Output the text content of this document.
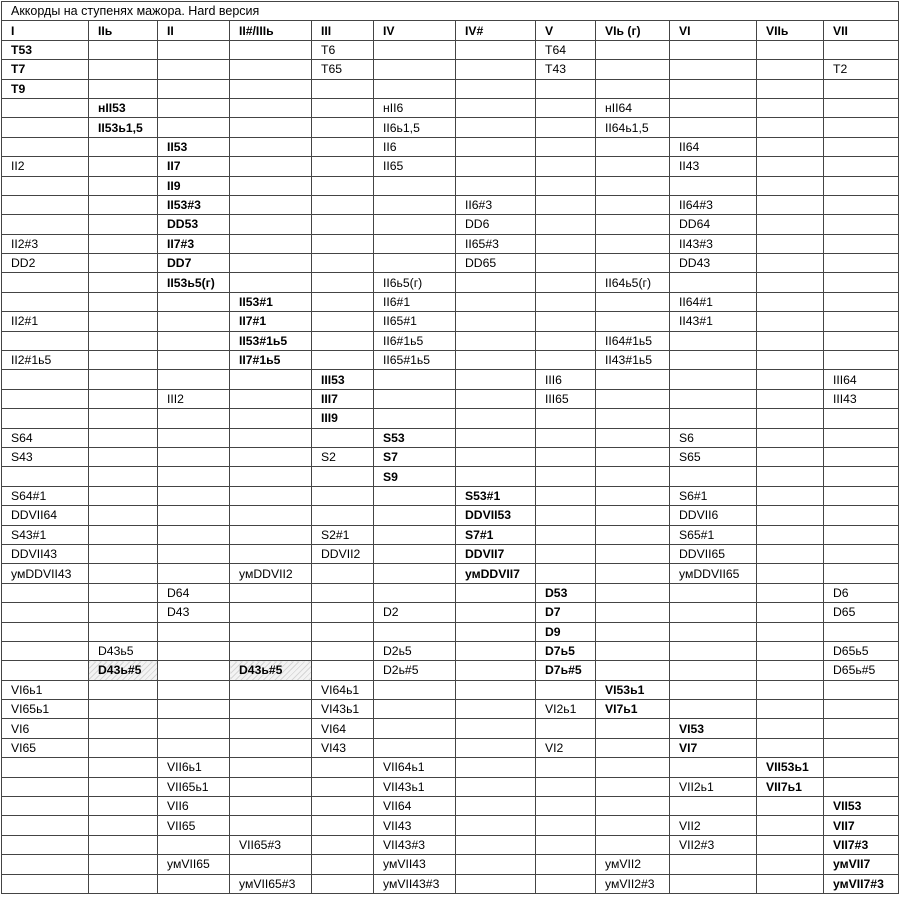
Аккорды на ступенях мажора. Hard версия											
I	IIь	II	II#/IIIь	III	IV	IV#	V	VIь (г)	VI	VIIь	VII
T53				T6			T64				
T7				T65			T43				T2
T9											
	нII53				нII6			нII64			
	II53ь1,5				II6ь1,5			II64ь1,5			
		II53			II6				II64		
II2		II7			II65				II43		
		II9									
		II53#3				II6#3			II64#3		
		DD53				DD6			DD64		
II2#3		II7#3				II65#3			II43#3		
DD2		DD7				DD65			DD43		
		II53ь5(г)			II6ь5(г)			II64ь5(г)			
			II53#1		II6#1				II64#1		
II2#1			II7#1		II65#1				II43#1		
			II53#1ь5		II6#1ь5			II64#1ь5			
II2#1ь5			II7#1ь5		II65#1ь5			II43#1ь5			
				III53			III6				III64
		III2		III7			III65				III43
				III9							
S64					S53				S6		
S43				S2	S7				S65		
					S9						
S64#1						S53#1			S6#1		
DDVII64						DDVII53			DDVII6		
S43#1				S2#1		S7#1			S65#1		
DDVII43				DDVII2		DDVII7			DDVII65		
умDDVII43			умDDVII2			умDDVII7			умDDVII65		
		D64					D53				D6
		D43			D2		D7				D65
							D9				
	D43ь5				D2ь5		D7ь5				D65ь5
	D43ь#5		D43ь#5		D2ь#5		D7ь#5				D65ь#5
VI6ь1				VI64ь1				VI53ь1			
VI65ь1				VI43ь1			VI2ь1	VI7ь1			
VI6				VI64					VI53		
VI65				VI43			VI2		VI7		
		VII6ь1			VII64ь1					VII53ь1	
		VII65ь1			VII43ь1				VII2ь1	VII7ь1	
		VII6			VII64						VII53
		VII65			VII43				VII2		VII7
			VII65#3		VII43#3				VII2#3		VII7#3
		умVII65			умVII43			умVII2			умVII7
			умVII65#3		умVII43#3			умVII2#3			умVII7#3
